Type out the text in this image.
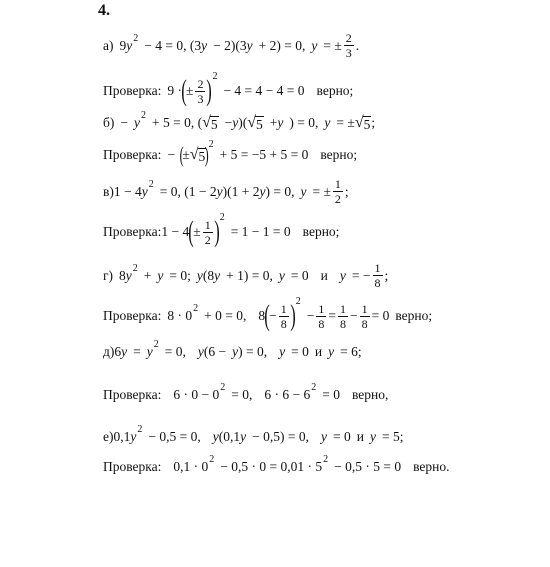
4.
а) 9 y 2 − 4 = 0, (3 y − 2)(3 y + 2) = 0, y = ± $\frac{2}{3}$ .
Проверка: 9 · ( ± $\frac{2}{3}$ ) 2
− 4 = 4 − 4 = 0 верно;
б) − y 2 + 5 = 0, ( √ 5 − y )( √ 5 + y ) = 0, y = ± √ 5 ;
Проверка: − (
± √ 5 ) 2
+ 5 = −5 + 5 = 0 верно;
в) 1 − 4 y 2 = 0, (1 − 2 y )(1 + 2 y ) = 0, y = ± $\frac{1}{2}$ ;
Проверка: 1 − 4 ( ± $\frac{1}{2}$ ) 2
= 1 − 1 = 0 верно;
г) 8 y 2 + y = 0; y (8 y + 1) = 0, y = 0 и y = − $\frac{1}{8}$ ;
Проверка: 8 · 0 2 + 0 = 0, 8 ( − $\frac{1}{8}$ ) 2
− $\frac{1}{8} = \frac{1}{8} - \frac{1}{8} = 0$ верно;
д) 6 y = y 2 = 0, y (6 − y ) = 0, y = 0 и y = 6;
Проверка: 6 · 0 − 0 2 = 0, 6 · 6 − 6 2 = 0 верно,
е) 0,1 y 2 − 0,5 = 0, y (0,1 y − 0,5) = 0, y = 0 и y = 5;
Проверка: 0,1 · 0 2 − 0,5 · 0 = 0,01 · 5 2 − 0,5 · 5 = 0 верно.
